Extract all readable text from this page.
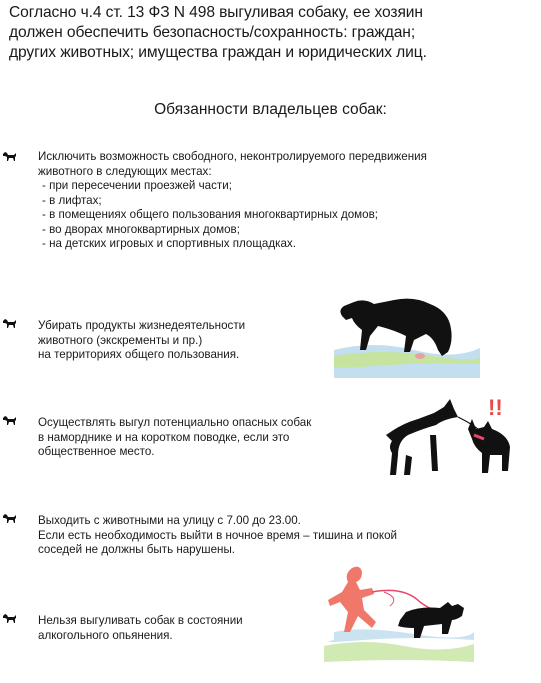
Согласно ч.4 ст. 13 ФЗ N 498 выгуливая собаку, ее хозяин
должен обеспечить безопасность/сохранность: граждан;
других животных; имущества граждан и юридических лиц.
Обязанности владельцев собак:
Исключить возможность свободного, неконтролируемого передвижения
животного в следующих местах:
- при пересечении проезжей части;
- в лифтах;
- в помещениях общего пользования многоквартирных домов;
- во дворах многоквартирных домов;
- на детских игровых и спортивных площадках.
Убирать продукты жизнедеятельности
животного (экскременты и пр.)
на территориях общего пользования.
Осуществлять выгул потенциально опасных собак
в наморднике и на коротком поводке, если это
общественное место.
!!
Выходить с животными на улицу с 7.00 до 23.00.
Если есть необходимость выйти в ночное время – тишина и покой
соседей не должны быть нарушены.
Нельзя выгуливать собак в состоянии
алкогольного опьянения.
